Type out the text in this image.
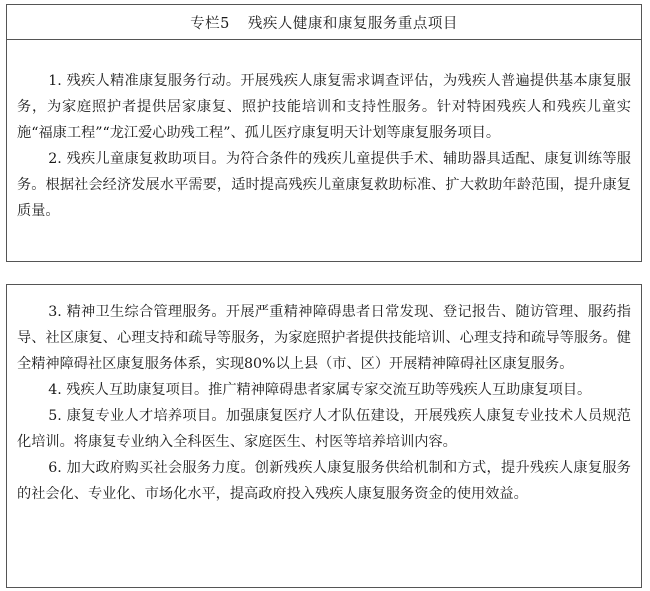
专栏5 残疾人健康和康复服务重点项目

1. 残疾人精准康复服务行动。开展残疾人康复需求调查评估，为残疾人普遍提供基本康复服务，为家庭照护者提供居家康复、照护技能培训和支持性服务。针对特困残疾人和残疾儿童实施“福康工程”“龙江爱心助残工程”、孤儿医疗康复明天计划等康复服务项目。

2. 残疾儿童康复救助项目。为符合条件的残疾儿童提供手术、辅助器具适配、康复训练等服务。根据社会经济发展水平需要，适时提高残疾儿童康复救助标准、扩大救助年龄范围，提升康复质量。

3. 精神卫生综合管理服务。开展严重精神障碍患者日常发现、登记报告、随访管理、服药指导、社区康复、心理支持和疏导等服务，为家庭照护者提供技能培训、心理支持和疏导等服务。健全精神障碍社区康复服务体系，实现80%以上县（市、区）开展精神障碍社区康复服务。

4. 残疾人互助康复项目。推广精神障碍患者家属专家交流互助等残疾人互助康复项目。

5. 康复专业人才培养项目。加强康复医疗人才队伍建设，开展残疾人康复专业技术人员规范化培训。将康复专业纳入全科医生、家庭医生、村医等培养培训内容。

6. 加大政府购买社会服务力度。创新残疾人康复服务供给机制和方式，提升残疾人康复服务的社会化、专业化、市场化水平，提高政府投入残疾人康复服务资金的使用效益。
